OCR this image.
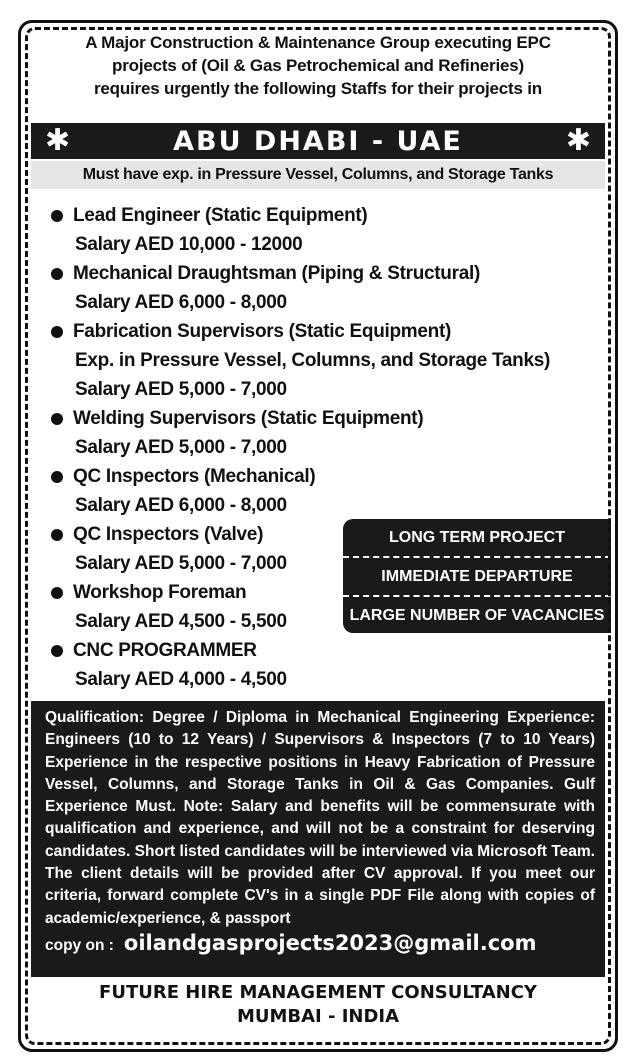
A Major Construction & Maintenance Group executing EPC
projects of (Oil & Gas Petrochemical and Refineries)
requires urgently the following Staffs for their projects in
✱	ABU DHABI - UAE	✱
Must have exp. in Pressure Vessel, Columns, and Storage Tanks
Lead Engineer (Static Equipment)
Salary AED 10,000 - 12000
Mechanical Draughtsman (Piping & Structural)
Salary AED 6,000 - 8,000
Fabrication Supervisors (Static Equipment)
Exp. in Pressure Vessel, Columns, and Storage Tanks)
Salary AED 5,000 - 7,000
Welding Supervisors (Static Equipment)
Salary AED 5,000 - 7,000
QC Inspectors (Mechanical)
Salary AED 6,000 - 8,000
QC Inspectors (Valve)
Salary AED 5,000 - 7,000
Workshop Foreman
Salary AED 4,500 - 5,500
CNC PROGRAMMER
Salary AED 4,000 - 4,500
LONG TERM PROJECT
IMMEDIATE DEPARTURE
LARGE NUMBER OF VACANCIES

Qualification: Degree / Diploma in Mechanical Engineering Experience: Engineers (10 to 12 Years) / Supervisors & Inspectors (7 to 10 Years) Experience in the respective positions in Heavy Fabrication of Pressure Vessel, Columns, and Storage Tanks in Oil & Gas Companies. Gulf Experience Must. Note: Salary and benefits will be commensurate with qualification and experience, and will not be a constraint for deserving candidates. Short listed candidates will be interviewed via Microsoft Team. The client details will be provided after CV approval. If you meet our criteria, forward complete CV's in a single PDF File along with copies of academic/experience, & passport

copy on : oilandgasprojects2023@gmail.com
FUTURE HIRE MANAGEMENT CONSULTANCY
MUMBAI - INDIA
